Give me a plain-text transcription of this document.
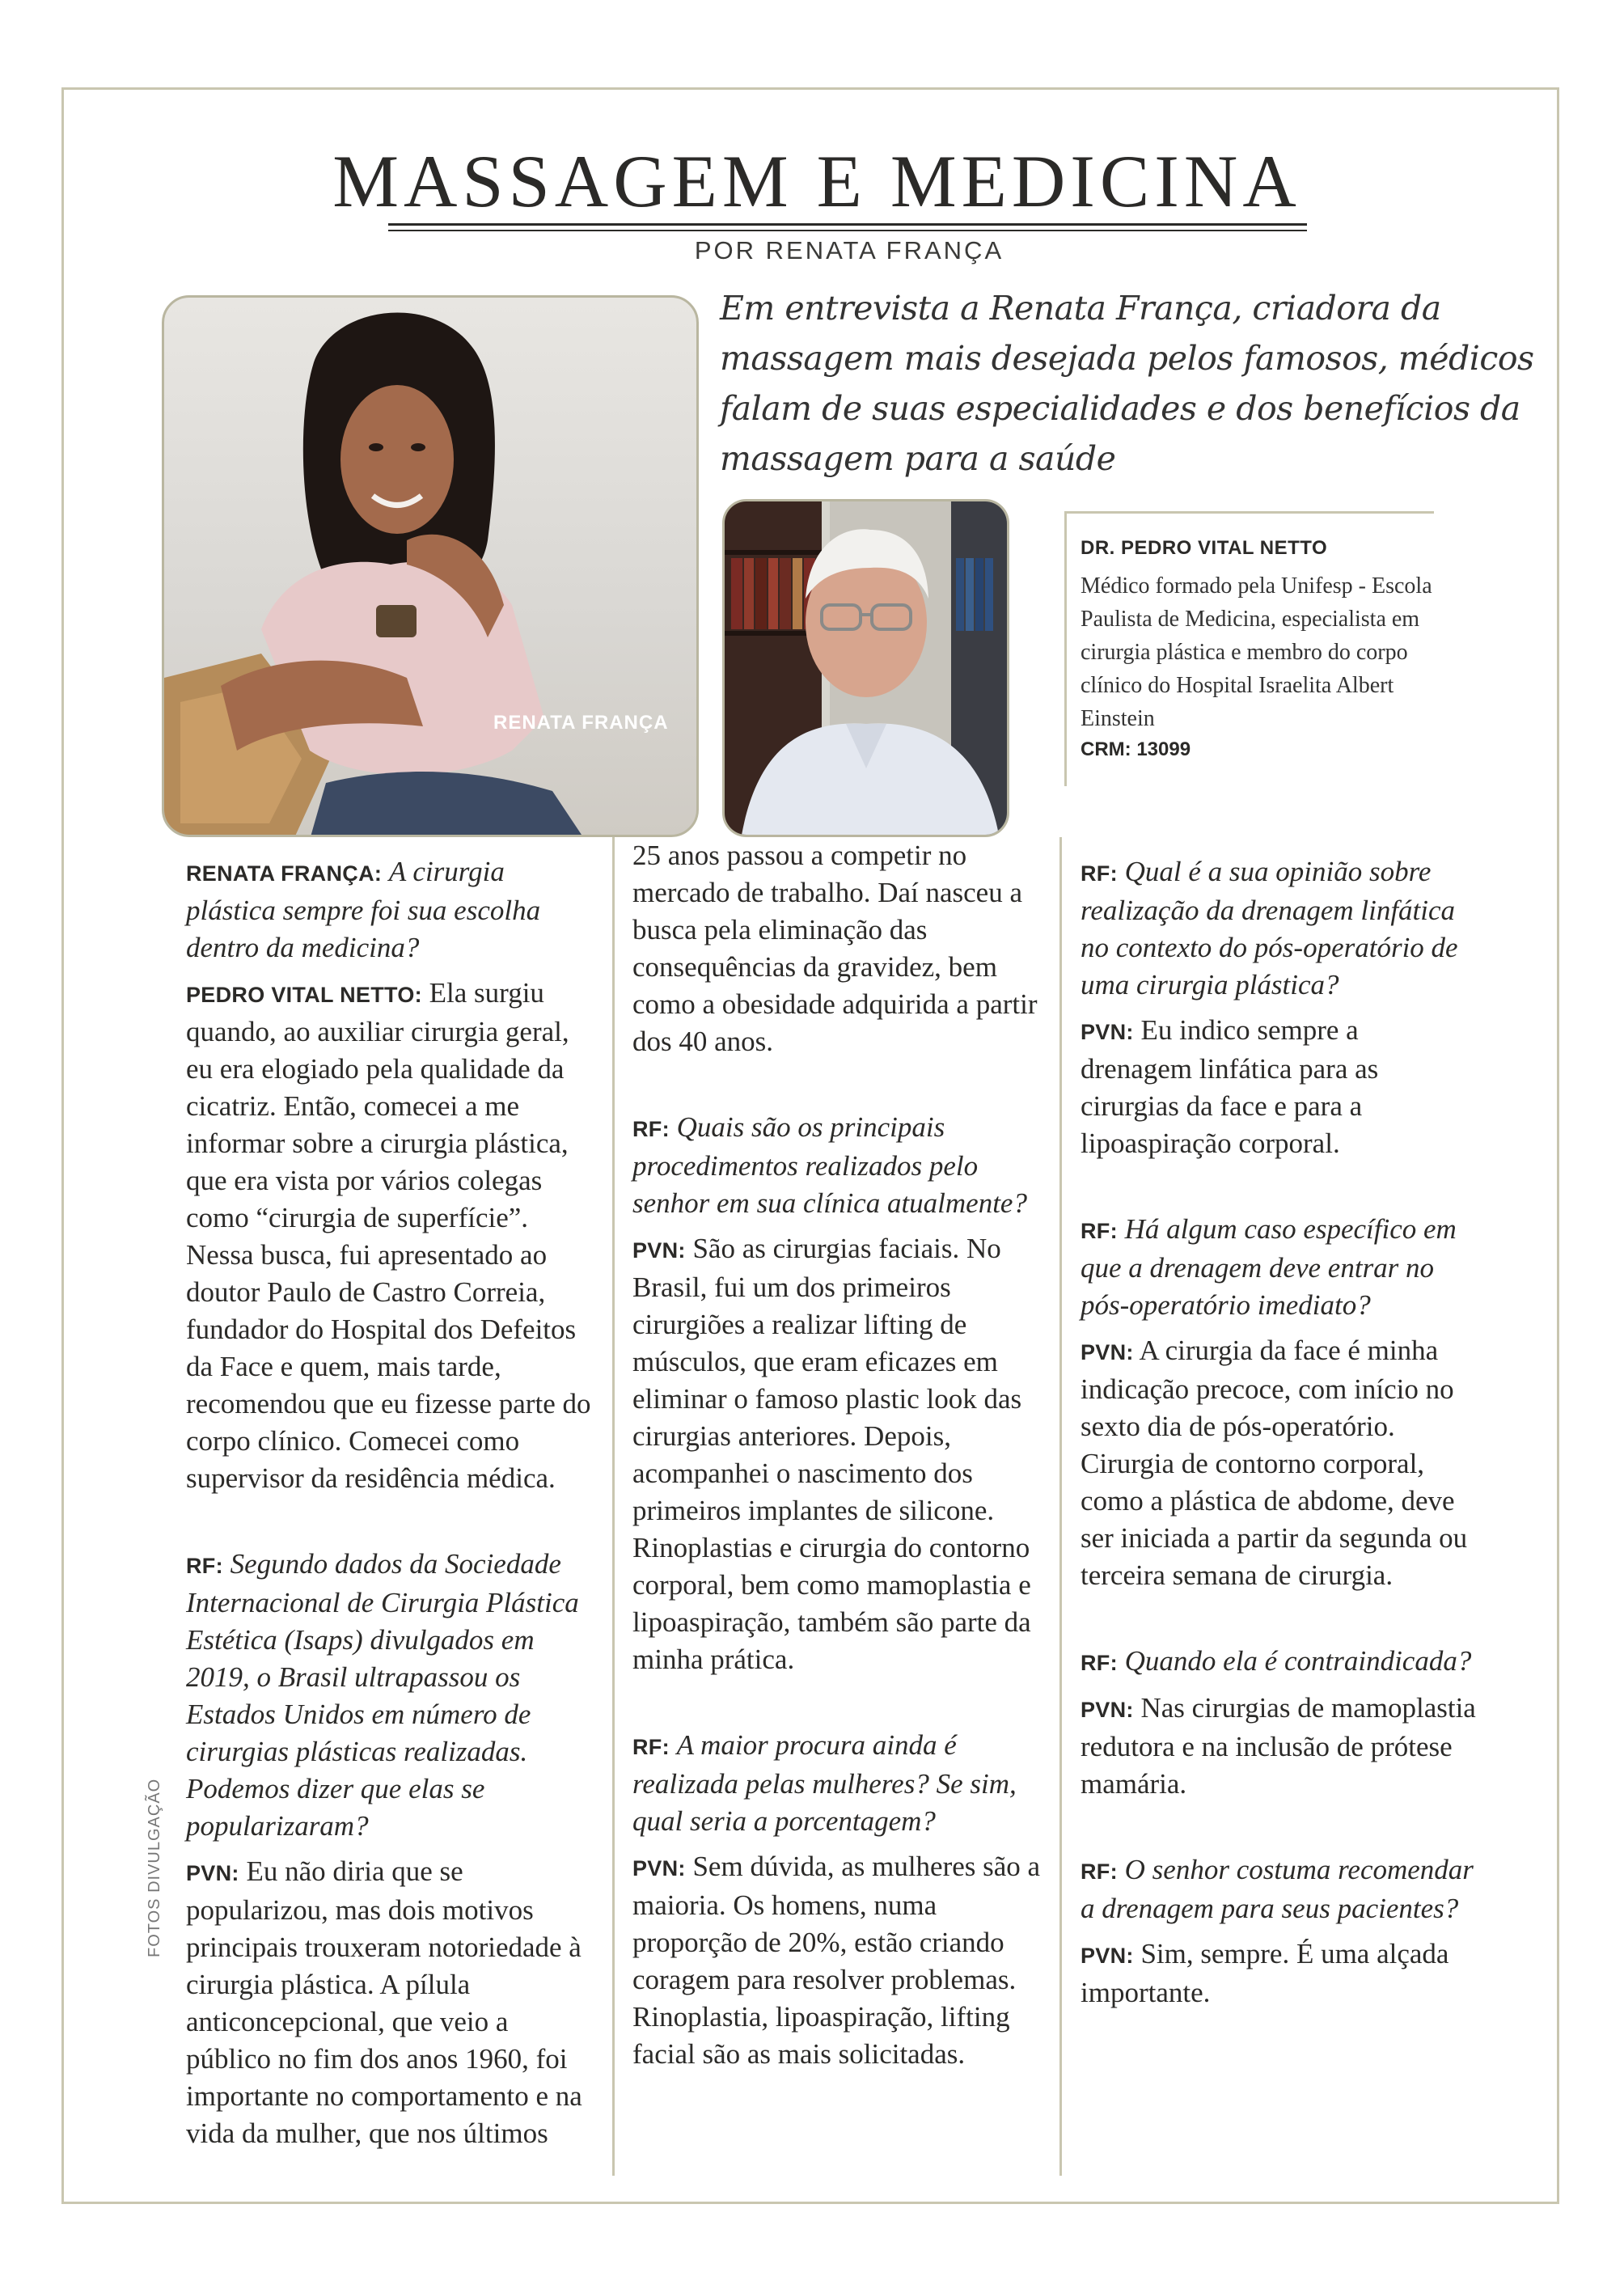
MASSAGEM E MEDICINA
POR RENATA FRANÇA
Em entrevista a Renata França, criadora da massagem mais desejada pelos famosos, médicos falam de suas especialidades e dos benefícios da massagem para a saúde
RENATA FRANÇA
DR. PEDRO VITAL NETTO
Médico formado pela Unifesp - Escola Paulista de Medicina, especialista em cirurgia plástica e membro do corpo clínico do Hospital Israelita Albert Einstein
CRM: 13099

RENATA FRANÇA: A cirurgia plástica sempre foi sua escolha dentro da medicina?

PEDRO VITAL NETTO: Ela surgiu quando, ao auxiliar cirurgia geral, eu era elogiado pela qualidade da cicatriz. Então, comecei a me informar sobre a cirurgia plástica, que era vista por vários colegas como “cirurgia de superfície”. Nessa busca, fui apresentado ao doutor Paulo de Castro Correia, fundador do Hospital dos Defeitos da Face e quem, mais tarde, recomendou que eu fizesse parte do corpo clínico. Comecei como supervisor da residência médica.

RF: Segundo dados da Sociedade Internacional de Cirurgia Plástica Estética (Isaps) divulgados em 2019, o Brasil ultrapassou os Estados Unidos em número de cirurgias plásticas realizadas. Podemos dizer que elas se popularizaram?

PVN: Eu não diria que se popularizou, mas dois motivos principais trouxeram notoriedade à cirurgia plástica. A pílula anticoncepcional, que veio a público no fim dos anos 1960, foi importante no comportamento e na vida da mulher, que nos últimos

25 anos passou a competir no mercado de trabalho. Daí nasceu a busca pela eliminação das consequências da gravidez, bem como a obesidade adquirida a partir dos 40 anos.

RF: Quais são os principais procedimentos realizados pelo senhor em sua clínica atualmente?

PVN: São as cirurgias faciais. No Brasil, fui um dos primeiros cirurgiões a realizar lifting de músculos, que eram eficazes em eliminar o famoso plastic look das cirurgias anteriores. Depois, acompanhei o nascimento dos primeiros implantes de silicone. Rinoplastias e cirurgia do contorno corporal, bem como mamoplastia e lipoaspiração, também são parte da minha prática.

RF: A maior procura ainda é realizada pelas mulheres? Se sim, qual seria a porcentagem?

PVN: Sem dúvida, as mulheres são a maioria. Os homens, numa proporção de 20%, estão criando coragem para resolver problemas. Rinoplastia, lipoaspiração, lifting facial são as mais solicitadas.

RF: Qual é a sua opinião sobre realização da drenagem linfática no contexto do pós-operatório de uma cirurgia plástica?

PVN: Eu indico sempre a drenagem linfática para as cirurgias da face e para a lipoaspiração corporal.

RF: Há algum caso específico em que a drenagem deve entrar no pós-operatório imediato?

PVN: A cirurgia da face é minha indicação precoce, com início no sexto dia de pós-operatório. Cirurgia de contorno corporal, como a plástica de abdome, deve ser iniciada a partir da segunda ou terceira semana de cirurgia.

RF: Quando ela é contraindicada?

PVN: Nas cirurgias de mamoplastia redutora e na inclusão de prótese mamária.

RF: O senhor costuma recomendar a drenagem para seus pacientes?

PVN: Sim, sempre. É uma alçada importante.

FOTOS DIVULGAÇÃO
